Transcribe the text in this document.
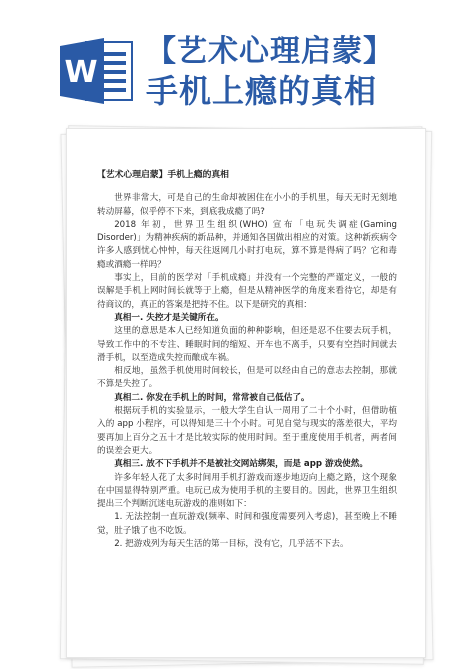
W
【艺术心理启蒙】
手机上瘾的真相
【艺术心理启蒙】手机上瘾的真相

世界非常大，可是自己的生命却被困住在小小的手机里，每天无时无刻地转动屏幕，似乎停不下来，到底我成瘾了吗?

2018 年初，世界卫生组织(WHO) 宣布「电玩失调症(Gaming Disorder)」为精神疾病的新品种，并通知各国做出相应的对策。这种新疾病令许多人感到忧心忡忡，每天往返网几小时打电玩，算不算是得病了吗？它和毒瘾或酒瘾一样吗？

事实上，目前的医学对「手机成瘾」并没有一个完整的严谨定义，一般的误解是手机上网时间长就等于上瘾，但是从精神医学的角度来看待它，却是有待商议的，真正的答案是把持不住。以下是研究的真相：

真相一. 失控才是关键所在。

这里的意思是本人已经知道负面的种种影响，但还是忍不住要去玩手机，导致工作中的不专注、睡眠时间的缩短、开车也不离手，只要有空挡时间就去滑手机，以至造成失控而酿成车祸。

相反地，虽然手机使用时间较长，但是可以经由自己的意志去控制，那就不算是失控了。

真相二. 你发在手机上的时间，常常被自己低估了。

根据玩手机的实验显示，一般大学生自认一周用了二十个小时，但借助植入的 app 小程序，可以得知是三十个小时。可见自觉与现实的落差很大，平均要再加上百分之五十才是比较实际的使用时间。至于重度使用手机者，两者间的误差会更大。

真相三. 放不下手机并不是被社交网站绑架，而是 app 游戏使然。

许多年轻人花了太多时间用手机打游戏而逐步地迈向上瘾之路，这个现象在中国显得特别严重。电玩已成为使用手机的主要目的。因此，世界卫生组织提出三个判断沉迷电玩游戏的准则如下：

1. 无法控制一直玩游戏(频率、时间和强度需要列入考虑)，甚至晚上不睡觉，肚子饿了也不吃饭。

2. 把游戏列为每天生活的第一目标，没有它，几乎活不下去。
